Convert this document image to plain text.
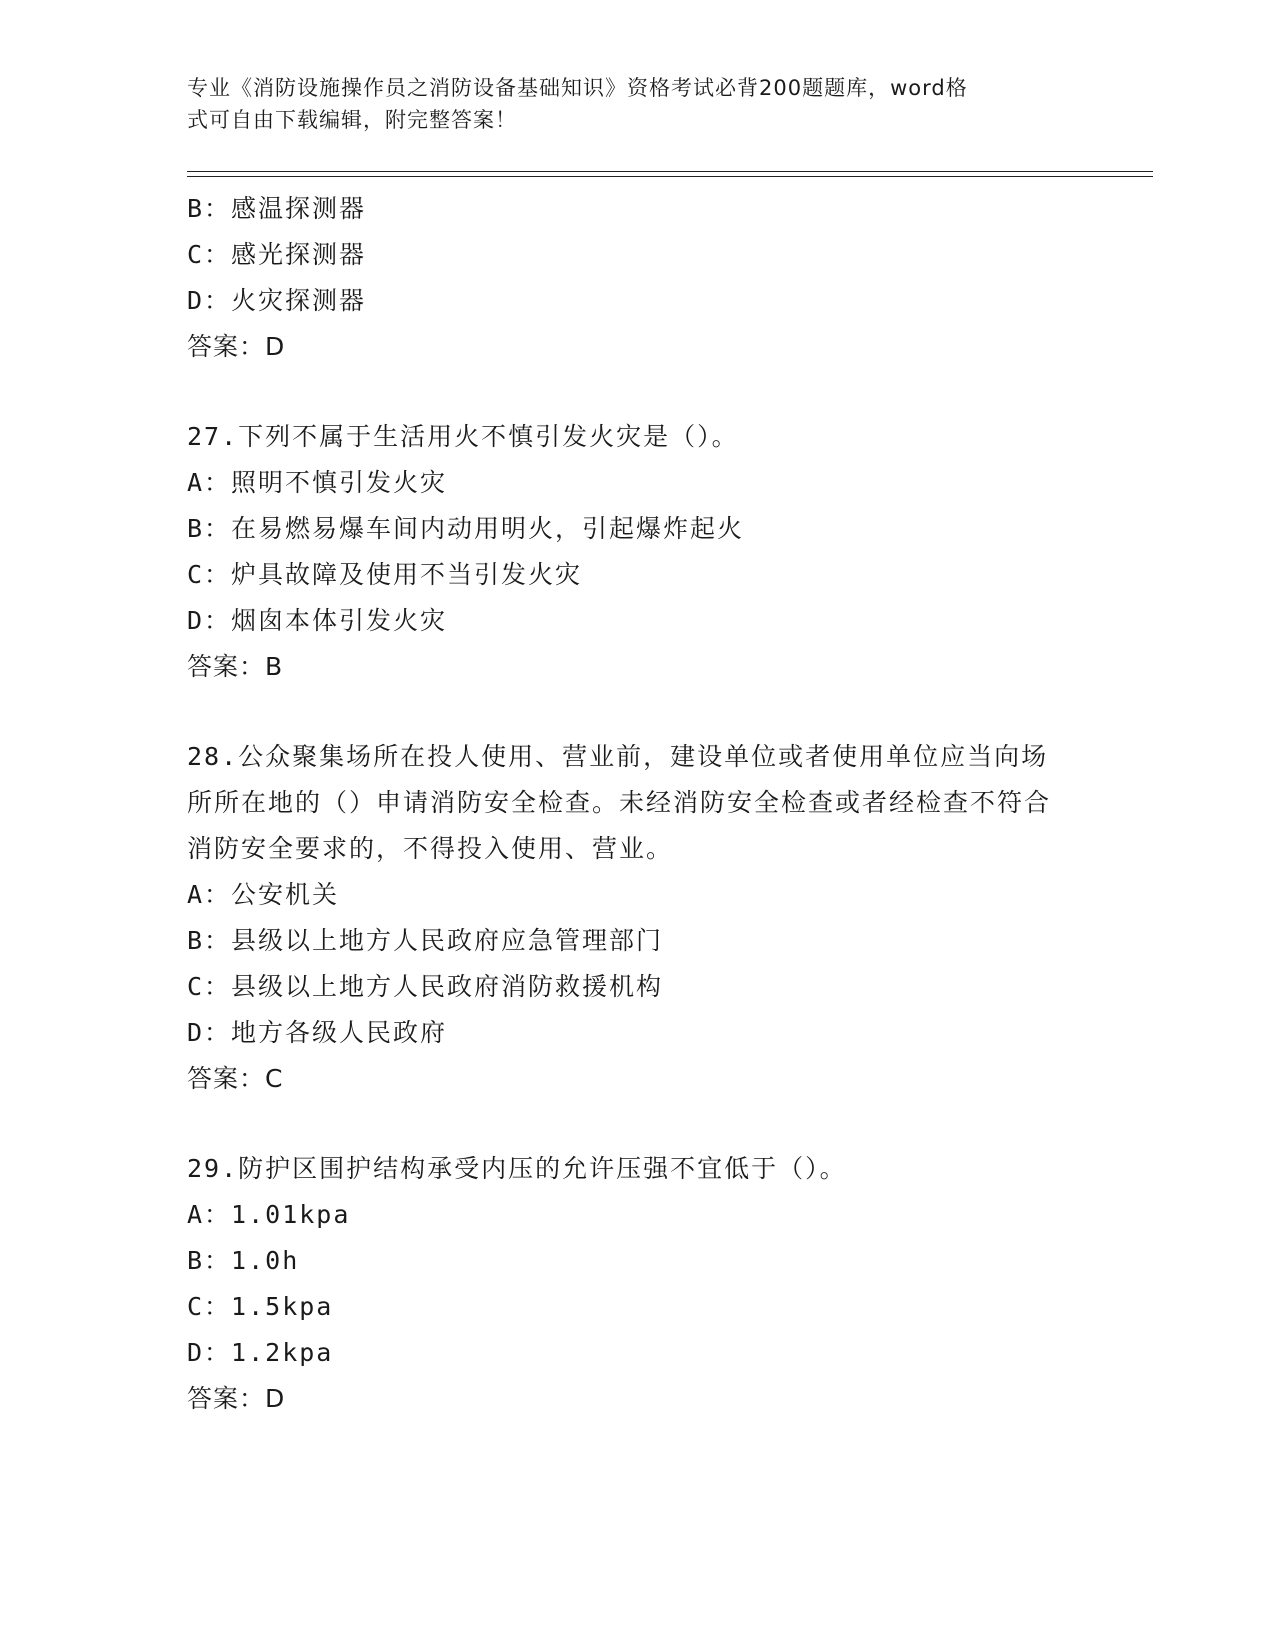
专业《消防设施操作员之消防设备基础知识》资格考试必背200题题库，word格
式可自由下载编辑，附完整答案！
B：感温探测器
C：感光探测器
D：火灾探测器
答案：D
27.下列不属于生活用火不慎引发火灾是（）。
A：照明不慎引发火灾
B：在易燃易爆车间内动用明火，引起爆炸起火
C：炉具故障及使用不当引发火灾
D：烟囱本体引发火灾
答案：B
28.公众聚集场所在投人使用、营业前，建设单位或者使用单位应当向场所所在地的（）申请消防安全检查。未经消防安全检查或者经检查不符合消防安全要求的，不得投入使用、营业。
A：公安机关
B：县级以上地方人民政府应急管理部门
C：县级以上地方人民政府消防救援机构
D：地方各级人民政府
答案：C
29.防护区围护结构承受内压的允许压强不宜低于（）。
A：1.01kpa
B：1.0h
C：1.5kpa
D：1.2kpa
答案：D
